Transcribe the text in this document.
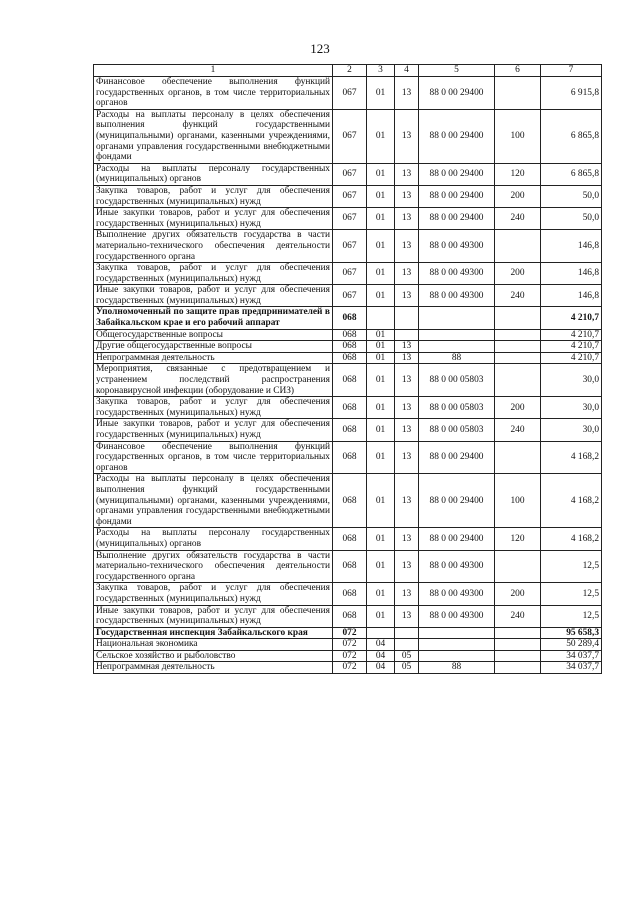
123
1	2	3	4	5	6	7
Финансовое обеспечение выполнения функций государственных органов, в том числе территориальных органов	067	01	13	88 0 00 29400		6 915,8
Расходы на выплаты персоналу в целях обеспечения выполнения функций государственными (муниципальными) органами, казенными учреждениями, органами управления государственными внебюджетными фондами	067	01	13	88 0 00 29400	100	6 865,8
Расходы на выплаты персоналу государственных (муниципальных) органов	067	01	13	88 0 00 29400	120	6 865,8
Закупка товаров, работ и услуг для обеспечения государственных (муниципальных) нужд	067	01	13	88 0 00 29400	200	50,0
Иные закупки товаров, работ и услуг для обеспечения государственных (муниципальных) нужд	067	01	13	88 0 00 29400	240	50,0
Выполнение других обязательств государства в части материально-технического обеспечения деятельности государственного органа	067	01	13	88 0 00 49300		146,8
Закупка товаров, работ и услуг для обеспечения государственных (муниципальных) нужд	067	01	13	88 0 00 49300	200	146,8
Иные закупки товаров, работ и услуг для обеспечения государственных (муниципальных) нужд	067	01	13	88 0 00 49300	240	146,8
Уполномоченный по защите прав предпринимателей в Забайкальском крае и его рабочий аппарат	068					4 210,7
Общегосударственные вопросы	068	01				4 210,7
Другие общегосударственные вопросы	068	01	13			4 210,7
Непрограммная деятельность	068	01	13	88		4 210,7
Мероприятия, связанные с предотвращением и устранением последствий распространения коронавирусной инфекции (оборудование и СИЗ)	068	01	13	88 0 00 05803		30,0
Закупка товаров, работ и услуг для обеспечения государственных (муниципальных) нужд	068	01	13	88 0 00 05803	200	30,0
Иные закупки товаров, работ и услуг для обеспечения государственных (муниципальных) нужд	068	01	13	88 0 00 05803	240	30,0
Финансовое обеспечение выполнения функций государственных органов, в том числе территориальных органов	068	01	13	88 0 00 29400		4 168,2
Расходы на выплаты персоналу в целях обеспечения выполнения функций государственными (муниципальными) органами, казенными учреждениями, органами управления государственными внебюджетными фондами	068	01	13	88 0 00 29400	100	4 168,2
Расходы на выплаты персоналу государственных (муниципальных) органов	068	01	13	88 0 00 29400	120	4 168,2
Выполнение других обязательств государства в части материально-технического обеспечения деятельности государственного органа	068	01	13	88 0 00 49300		12,5
Закупка товаров, работ и услуг для обеспечения государственных (муниципальных) нужд	068	01	13	88 0 00 49300	200	12,5
Иные закупки товаров, работ и услуг для обеспечения государственных (муниципальных) нужд	068	01	13	88 0 00 49300	240	12,5
Государственная инспекция Забайкальского края	072					95 658,3
Национальная экономика	072	04				50 289,4
Сельское хозяйство и рыболовство	072	04	05			34 037,7
Непрограммная деятельность	072	04	05	88		34 037,7
